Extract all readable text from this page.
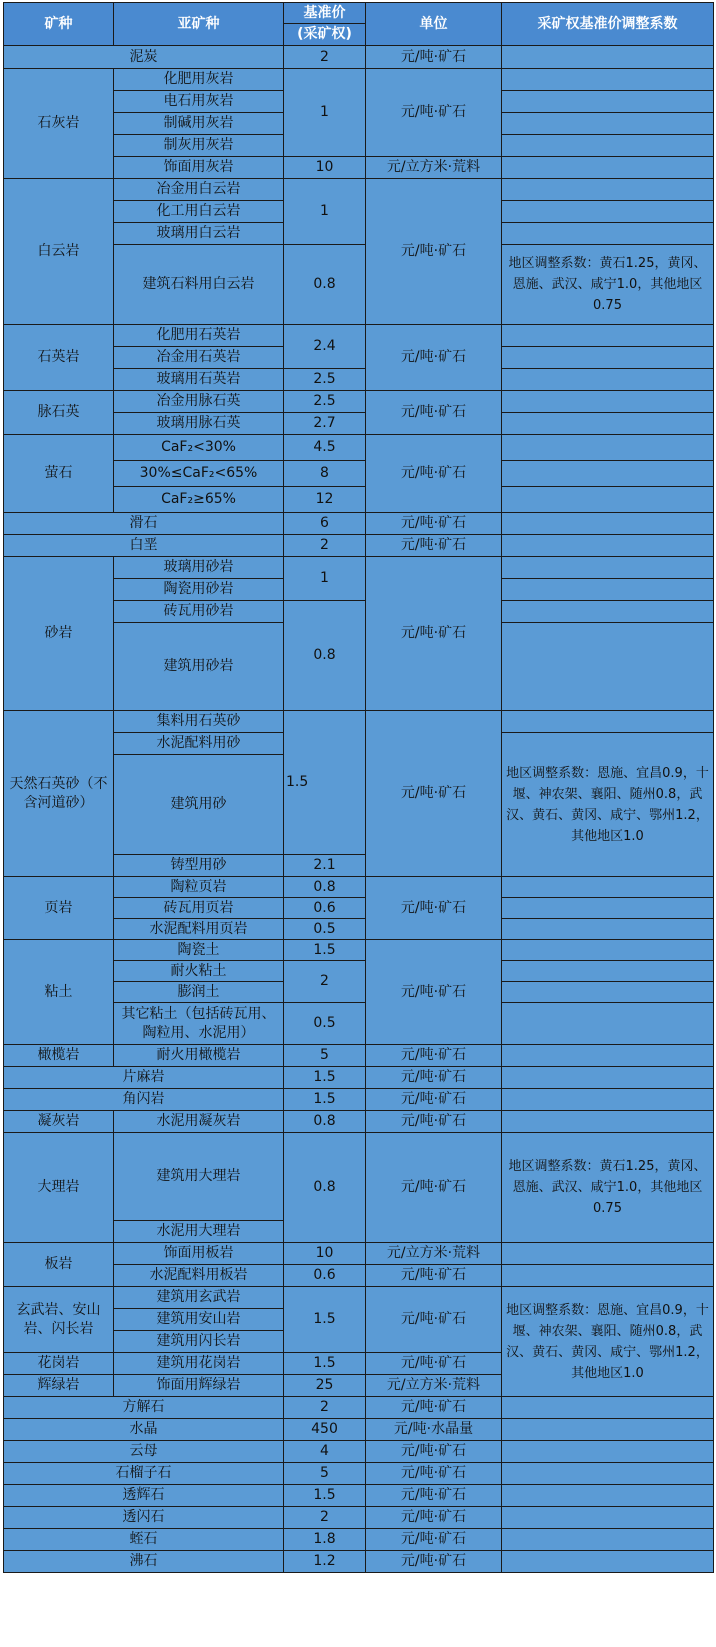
矿种	亚矿种	基准价	单位	采矿权基准价调整系数
		(采矿权)		
泥炭		2	元/吨·矿石	
石灰岩	化肥用灰岩	1	元/吨·矿石	
	电石用灰岩			
	制碱用灰岩			
	制灰用灰岩			
	饰面用灰岩	10	元/立方米·荒料	
白云岩	冶金用白云岩	1	元/吨·矿石	
	化工用白云岩			
	玻璃用白云岩			
	建筑石料用白云岩	0.8		地区调整系数：黄石1.25，黄冈、恩施、武汉、咸宁1.0，其他地区0.75
石英岩	化肥用石英岩	2.4	元/吨·矿石	
	冶金用石英岩			
	玻璃用石英岩	2.5		
脉石英	冶金用脉石英	2.5	元/吨·矿石	
	玻璃用脉石英	2.7		
萤石	CaF₂<30%	4.5	元/吨·矿石	
	30%≤CaF₂<65%	8		
	CaF₂≥65%	12		
滑石		6	元/吨·矿石	
白垩		2	元/吨·矿石	
砂岩	玻璃用砂岩	1	元/吨·矿石	
	陶瓷用砂岩			
	砖瓦用砂岩	0.8		
	建筑用砂岩			
天然石英砂（不含河道砂）	集料用石英砂	1.5	元/吨·矿石	
	水泥配料用砂			地区调整系数：恩施、宜昌0.9，十堰、神农架、襄阳、随州0.8，武汉、黄石、黄冈、咸宁、鄂州1.2，其他地区1.0
	建筑用砂			
	铸型用砂	2.1		
页岩	陶粒页岩	0.8	元/吨·矿石	
	砖瓦用页岩	0.6		
	水泥配料用页岩	0.5		
粘土	陶瓷土	1.5	元/吨·矿石	
	耐火粘土	2		
	膨润土			
	其它粘土（包括砖瓦用、陶粒用、水泥用）	0.5		
橄榄岩	耐火用橄榄岩	5	元/吨·矿石	
片麻岩		1.5	元/吨·矿石	
角闪岩		1.5	元/吨·矿石	
凝灰岩	水泥用凝灰岩	0.8	元/吨·矿石	
大理岩	建筑用大理岩	0.8	元/吨·矿石	地区调整系数：黄石1.25，黄冈、恩施、武汉、咸宁1.0，其他地区0.75
	水泥用大理岩			
板岩	饰面用板岩	10	元/立方米·荒料	
	水泥配料用板岩	0.6	元/吨·矿石	
玄武岩、安山岩、闪长岩	建筑用玄武岩	1.5	元/吨·矿石	地区调整系数：恩施、宜昌0.9，十堰、神农架、襄阳、随州0.8，武汉、黄石、黄冈、咸宁、鄂州1.2，其他地区1.0
	建筑用安山岩			
	建筑用闪长岩			
花岗岩	建筑用花岗岩	1.5	元/吨·矿石	
辉绿岩	饰面用辉绿岩	25	元/立方米·荒料	
方解石		2	元/吨·矿石	
水晶		450	元/吨·水晶量	
云母		4	元/吨·矿石	
石榴子石		5	元/吨·矿石	
透辉石		1.5	元/吨·矿石	
透闪石		2	元/吨·矿石	
蛭石		1.8	元/吨·矿石	
沸石		1.2	元/吨·矿石	
环球破碎机网
www.Ycrusher.com
